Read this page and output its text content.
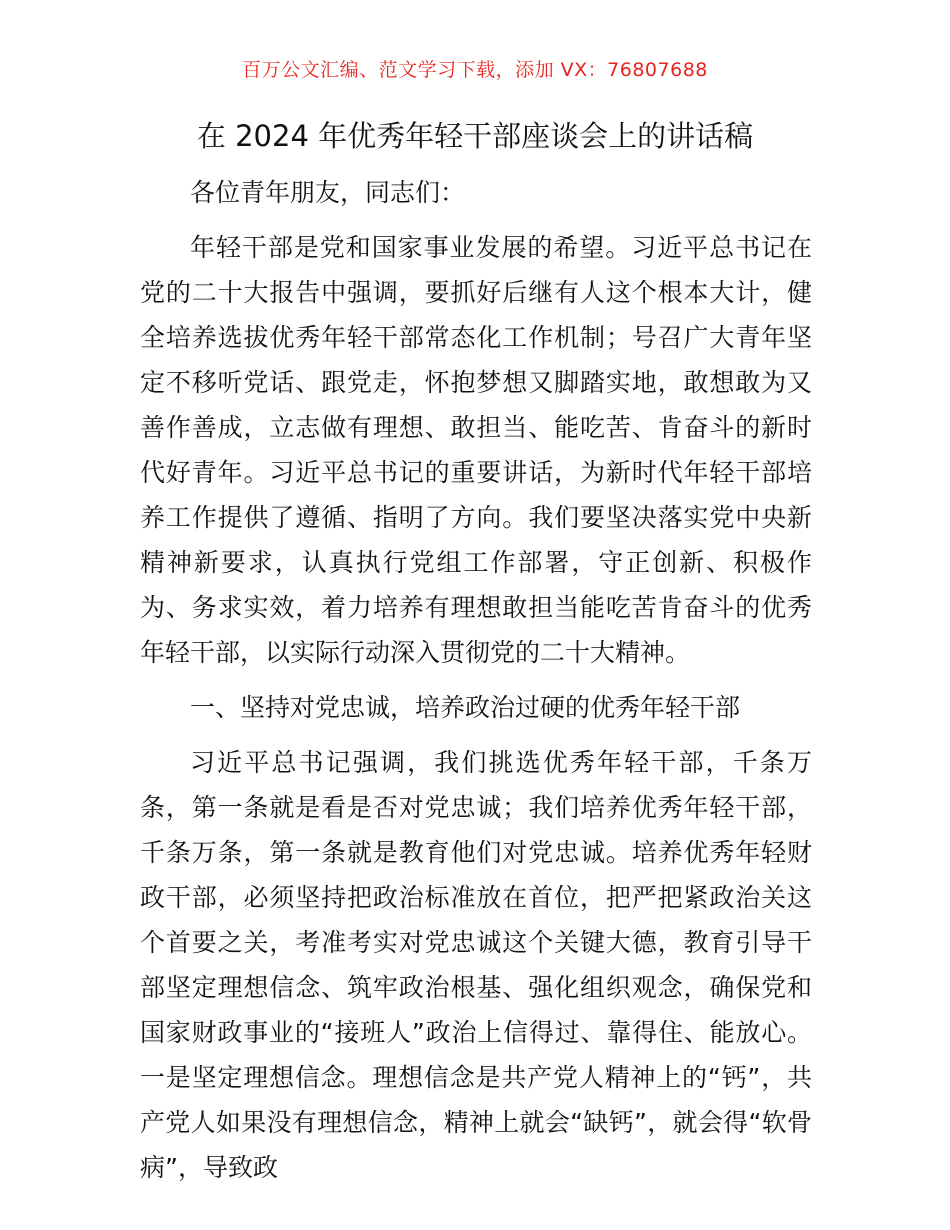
百万公文汇编、范文学习下载，添加 VX：76807688
在 2024 年优秀年轻干部座谈会上的讲话稿

各位青年朋友，同志们：

年轻干部是党和国家事业发展的希望。习近平总书记在党的二十大报告中强调，要抓好后继有人这个根本大计，健全培养选拔优秀年轻干部常态化工作机制；号召广大青年坚定不移听党话、跟党走，怀抱梦想又脚踏实地，敢想敢为又善作善成，立志做有理想、敢担当、能吃苦、肯奋斗的新时代好青年。习近平总书记的重要讲话，为新时代年轻干部培养工作提供了遵循、指明了方向。我们要坚决落实党中央新精神新要求，认真执行党组工作部署，守正创新、积极作为、务求实效，着力培养有理想敢担当能吃苦肯奋斗的优秀年轻干部，以实际行动深入贯彻党的二十大精神。

一、坚持对党忠诚，培养政治过硬的优秀年轻干部

习近平总书记强调，我们挑选优秀年轻干部，千条万条，第一条就是看是否对党忠诚；我们培养优秀年轻干部，千条万条，第一条就是教育他们对党忠诚。培养优秀年轻财政干部，必须坚持把政治标准放在首位，把严把紧政治关这个首要之关，考准考实对党忠诚这个关键大德，教育引导干部坚定理想信念、筑牢政治根基、强化组织观念，确保党和国家财政事业的“接班人”政治上信得过、靠得住、能放心。一是坚定理想信念。理想信念是共产党人精神上的“钙”，共产党人如果没有理想信念，精神上就会“缺钙”，就会得“软骨病”，导致政
